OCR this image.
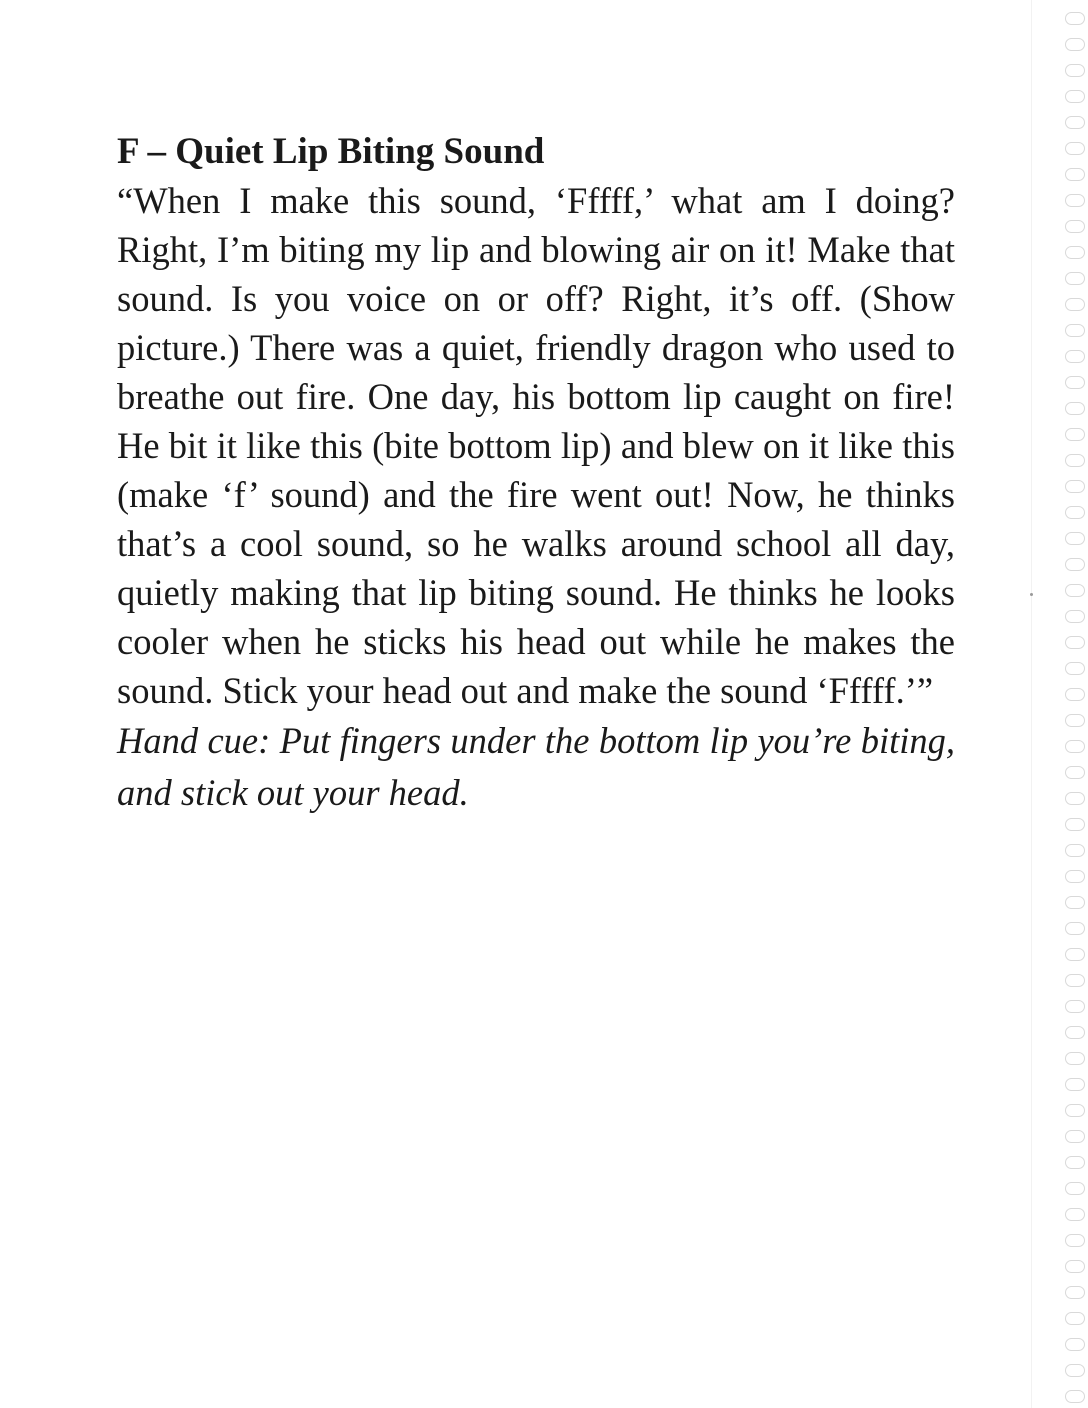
F – Quiet Lip Biting Sound

“When I make this sound, ‘Fffff,’ what am I doing? Right, I’m biting my lip and blowing air on it! Make that sound. Is you voice on or off? Right, it’s off. (Show picture.) There was a quiet, friendly dragon who used to breathe out fire. One day, his bottom lip caught on fire! He bit it like this (bite bottom lip) and blew on it like this (make ‘f’ sound) and the fire went out! Now, he thinks that’s a cool sound, so he walks around school all day, quietly making that lip biting sound. He thinks he looks cooler when he sticks his head out while he makes the sound. Stick your head out and make the sound ‘Fffff.’”

Hand cue: Put fingers under the bottom lip you’re biting, and stick out your head.
